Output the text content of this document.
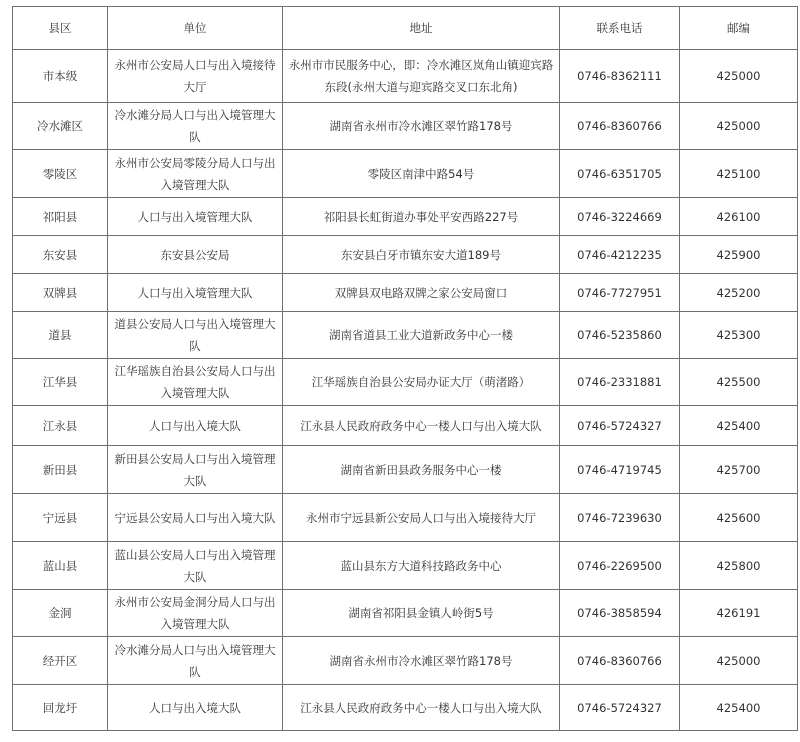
县区	单位	地址	联系电话	邮编
市本级	永州市公安局人口与出入境接待大厅	永州市市民服务中心，即：冷水滩区岚角山镇迎宾路东段(永州大道与迎宾路交叉口东北角)	0746-8362111	425000
冷水滩区	冷水滩分局人口与出入境管理大队	湖南省永州市冷水滩区翠竹路178号	0746-8360766	425000
零陵区	永州市公安局零陵分局人口与出入境管理大队	零陵区南津中路54号	0746-6351705	425100
祁阳县	人口与出入境管理大队	祁阳县长虹街道办事处平安西路227号	0746-3224669	426100
东安县	东安县公安局	东安县白牙市镇东安大道189号	0746-4212235	425900
双牌县	人口与出入境管理大队	双牌县双电路双牌之家公安局窗口	0746-7727951	425200
道县	道县公安局人口与出入境管理大队	湖南省道县工业大道新政务中心一楼	0746-5235860	425300
江华县	江华瑶族自治县公安局人口与出入境管理大队	江华瑶族自治县公安局办证大厅（萌渚路）	0746-2331881	425500
江永县	人口与出入境大队	江永县人民政府政务中心一楼人口与出入境大队	0746-5724327	425400
新田县	新田县公安局人口与出入境管理大队	湖南省新田县政务服务中心一楼	0746-4719745	425700
宁远县	宁远县公安局人口与出入境大队	永州市宁远县新公安局人口与出入境接待大厅	0746-7239630	425600
蓝山县	蓝山县公安局人口与出入境管理大队	蓝山县东方大道科技路政务中心	0746-2269500	425800
金洞	永州市公安局金洞分局人口与出入境管理大队	湖南省祁阳县金镇人岭街5号	0746-3858594	426191
经开区	冷水滩分局人口与出入境管理大队	湖南省永州市冷水滩区翠竹路178号	0746-8360766	425000
回龙圩	人口与出入境大队	江永县人民政府政务中心一楼人口与出入境大队	0746-5724327	425400
